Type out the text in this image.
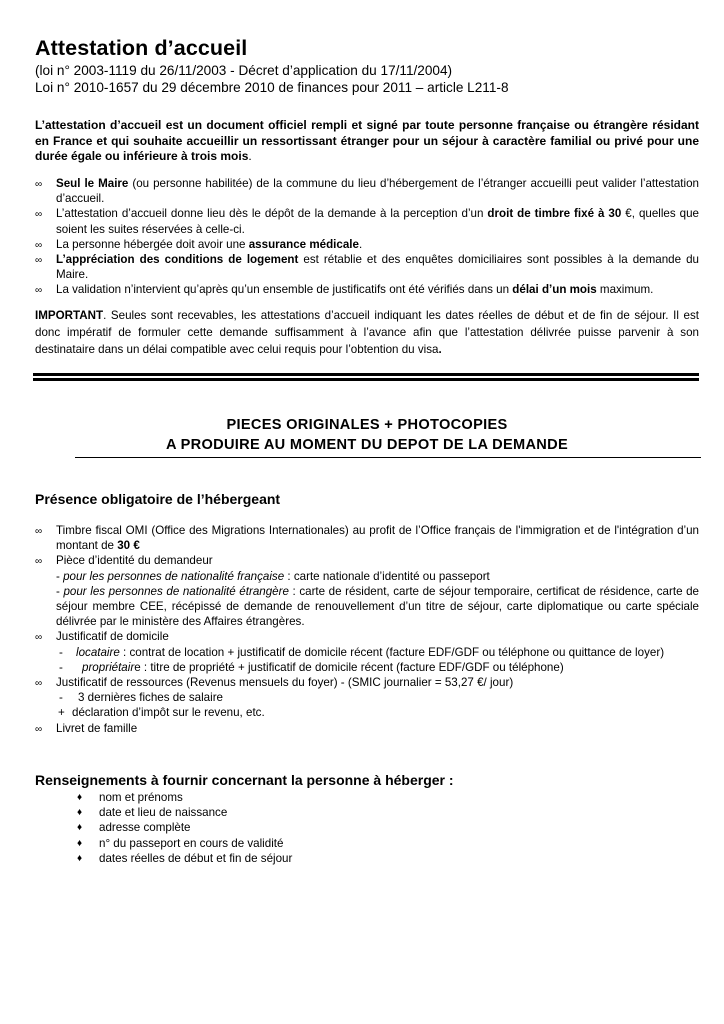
Attestation d’accueil
(loi n° 2003-1119 du 26/11/2003 - Décret d’application du 17/11/2004)
Loi n° 2010-1657 du 29 décembre 2010 de finances pour 2011 – article L211-8
L’attestation d’accueil est un document officiel rempli et signé par toute personne française ou étrangère résidant en France et qui souhaite accueillir un ressortissant étranger pour un séjour à caractère familial ou privé pour une durée égale ou inférieure à trois mois.
∞ Seul le Maire (ou personne habilitée) de la commune du lieu d’hébergement de l’étranger accueilli peut valider l’attestation d’accueil.
∞ L’attestation d’accueil donne lieu dès le dépôt de la demande à la perception d’un droit de timbre fixé à 30 €, quelles que soient les suites réservées à celle-ci.
∞ La personne hébergée doit avoir une assurance médicale.
∞ L’appréciation des conditions de logement est rétablie et des enquêtes domiciliaires sont possibles à la demande du Maire.
∞ La validation n’intervient qu’après qu’un ensemble de justificatifs ont été vérifiés dans un délai d’un mois maximum.
IMPORTANT. Seules sont recevables, les attestations d’accueil indiquant les dates réelles de début et de fin de séjour. Il est donc impératif de formuler cette demande suffisamment à l’avance afin que l’attestation délivrée puisse parvenir à son destinataire dans un délai compatible avec celui requis pour l’obtention du visa.
PIECES ORIGINALES + PHOTOCOPIES
A PRODUIRE AU MOMENT DU DEPOT DE LA DEMANDE
Présence obligatoire de l’hébergeant
∞ Timbre fiscal OMI (Office des Migrations Internationales) au profit de l’Office français de l'immigration et de l'intégration d’un montant de 30 €
∞ Pièce d’identité du demandeur
- pour les personnes de nationalité française : carte nationale d’identité ou passeport
- pour les personnes de nationalité étrangère : carte de résident, carte de séjour temporaire, certificat de résidence, carte de séjour membre CEE, récépissé de demande de renouvellement d’un titre de séjour, carte diplomatique ou carte spéciale délivrée par le ministère des Affaires étrangères.
∞ Justificatif de domicile
- locataire : contrat de location + justificatif de domicile récent (facture EDF/GDF ou téléphone ou quittance de loyer)
- propriétaire : titre de propriété + justificatif de domicile récent (facture EDF/GDF ou téléphone)
∞ Justificatif de ressources (Revenus mensuels du foyer) - (SMIC journalier = 53,27 €/ jour)
- 3 dernières fiches de salaire
+ déclaration d’impôt sur le revenu, etc.
∞ Livret de famille
Renseignements à fournir concernant la personne à héberger :
♦ nom et prénoms
♦ date et lieu de naissance
♦ adresse complète
♦ n° du passeport en cours de validité
♦ dates réelles de début et fin de séjour
